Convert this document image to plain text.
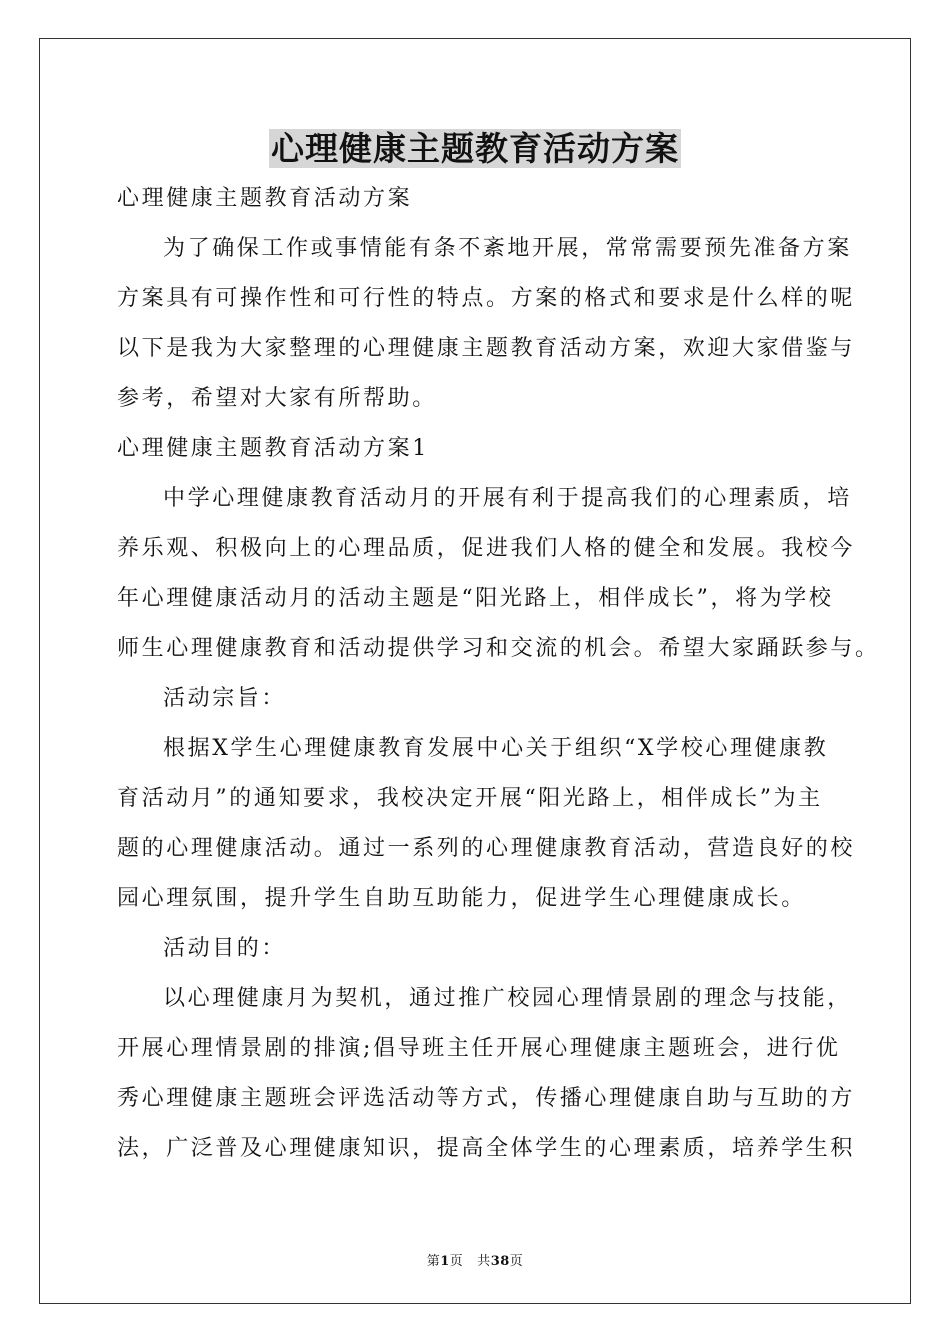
心理健康主题教育活动方案
心理健康主题教育活动方案
为了确保工作或事情能有条不紊地开展，常常需要预先准备方案
方案具有可操作性和可行性的特点。方案的格式和要求是什么样的呢
以下是我为大家整理的心理健康主题教育活动方案，欢迎大家借鉴与
参考，希望对大家有所帮助。
心理健康主题教育活动方案1
中学心理健康教育活动月的开展有利于提高我们的心理素质，培
养乐观、积极向上的心理品质，促进我们人格的健全和发展。我校今
年心理健康活动月的活动主题是“阳光路上，相伴成长”，将为学校
师生心理健康教育和活动提供学习和交流的机会。希望大家踊跃参与。
活动宗旨：
根据X学生心理健康教育发展中心关于组织“X学校心理健康教
育活动月”的通知要求，我校决定开展“阳光路上，相伴成长”为主
题的心理健康活动。通过一系列的心理健康教育活动，营造良好的校
园心理氛围，提升学生自助互助能力，促进学生心理健康成长。
活动目的：
以心理健康月为契机，通过推广校园心理情景剧的理念与技能，
开展心理情景剧的排演;倡导班主任开展心理健康主题班会，进行优
秀心理健康主题班会评选活动等方式，传播心理健康自助与互助的方
法，广泛普及心理健康知识，提高全体学生的心理素质，培养学生积
第1页 共38页
